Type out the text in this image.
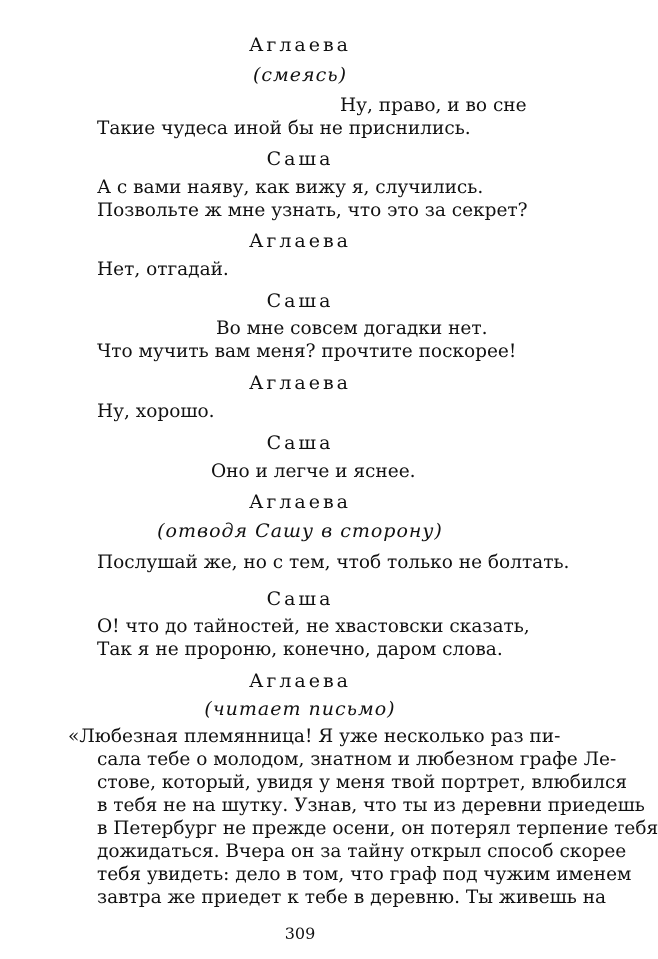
Аглаева
(смеясь)
Ну, право, и во сне
Такие чудеса иной бы не приснились.
Саша
А с вами наяву, как вижу я, случились.
Позвольте ж мне узнать, что это за секрет?
Аглаева
Нет, отгадай.
Саша
Во мне совсем догадки нет.
Что мучить вам меня? прочтите поскорее!
Аглаева
Ну, хорошо.
Саша
Оно и легче и яснее.
Аглаева
(отводя Сашу в сторону)
Послушай же, но с тем, чтоб только не болтать.
Саша
О! что до тайностей, не хвастовски сказать,
Так я не пророню, конечно, даром слова.
Аглаева
(читает письмо)
«Любезная племянница! Я уже несколько раз пи-
сала тебе о молодом, знатном и любезном графе Ле-
стове, который, увидя у меня твой портрет, влюбился
в тебя не на шутку. Узнав, что ты из деревни приедешь
в Петербург не прежде осени, он потерял терпение тебя
дожидаться. Вчера он за тайну открыл способ скорее
тебя увидеть: дело в том, что граф под чужим именем
завтра же приедет к тебе в деревню. Ты живешь на
309
